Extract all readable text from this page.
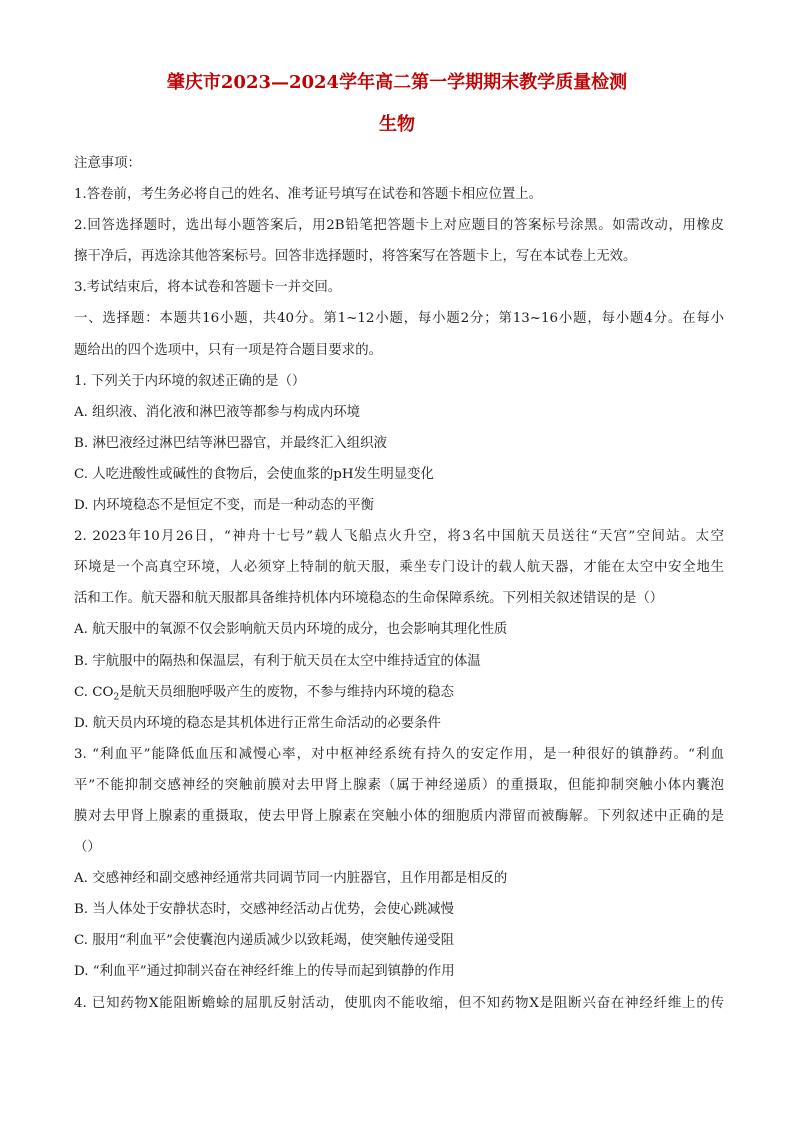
肇庆市2023—2024学年高二第一学期期末教学质量检测
生物
注意事项：
1.答卷前，考生务必将自己的姓名、准考证号填写在试卷和答题卡相应位置上。
2.回答选择题时，选出每小题答案后，用2B铅笔把答题卡上对应题目的答案标号涂黑。如需改动，用橡皮
擦干净后，再选涂其他答案标号。回答非选择题时，将答案写在答题卡上，写在本试卷上无效。
3.考试结束后，将本试卷和答题卡一并交回。
一、选择题：本题共16小题，共40分。第1~12小题，每小题2分；第13~16小题，每小题4分。在每小
题给出的四个选项中，只有一项是符合题目要求的。
1. 下列关于内环境的叙述正确的是（）
A. 组织液、消化液和淋巴液等都参与构成内环境
B. 淋巴液经过淋巴结等淋巴器官，并最终汇入组织液
C. 人吃进酸性或碱性的食物后，会使血浆的pH发生明显变化
D. 内环境稳态不是恒定不变，而是一种动态的平衡
2. 2023年10月26日，“神舟十七号”载人飞船点火升空，将3名中国航天员送往“天宫”空间站。太空
环境是一个高真空环境，人必须穿上特制的航天服，乘坐专门设计的载人航天器，才能在太空中安全地生
活和工作。航天器和航天服都具备维持机体内环境稳态的生命保障系统。下列相关叙述错误的是（）
A. 航天服中的氧源不仅会影响航天员内环境的成分，也会影响其理化性质
B. 宇航服中的隔热和保温层，有利于航天员在太空中维持适宜的体温
C. $CO_2$是航天员细胞呼吸产生的废物，不参与维持内环境的稳态
D. 航天员内环境的稳态是其机体进行正常生命活动的必要条件
3. “利血平”能降低血压和减慢心率，对中枢神经系统有持久的安定作用，是一种很好的镇静药。“利血
平”不能抑制交感神经的突触前膜对去甲肾上腺素（属于神经递质）的重摄取，但能抑制突触小体内囊泡
膜对去甲肾上腺素的重摄取，使去甲肾上腺素在突触小体的细胞质内滞留而被酶解。下列叙述中正确的是
（）
A. 交感神经和副交感神经通常共同调节同一内脏器官，且作用都是相反的
B. 当人体处于安静状态时，交感神经活动占优势，会使心跳减慢
C. 服用“利血平”会使囊泡内递质减少以致耗竭，使突触传递受阻
D. “利血平”通过抑制兴奋在神经纤维上的传导而起到镇静的作用
4. 已知药物X能阻断蟾蜍的屈肌反射活动，使肌肉不能收缩，但不知药物X是阻断兴奋在神经纤维上的传
